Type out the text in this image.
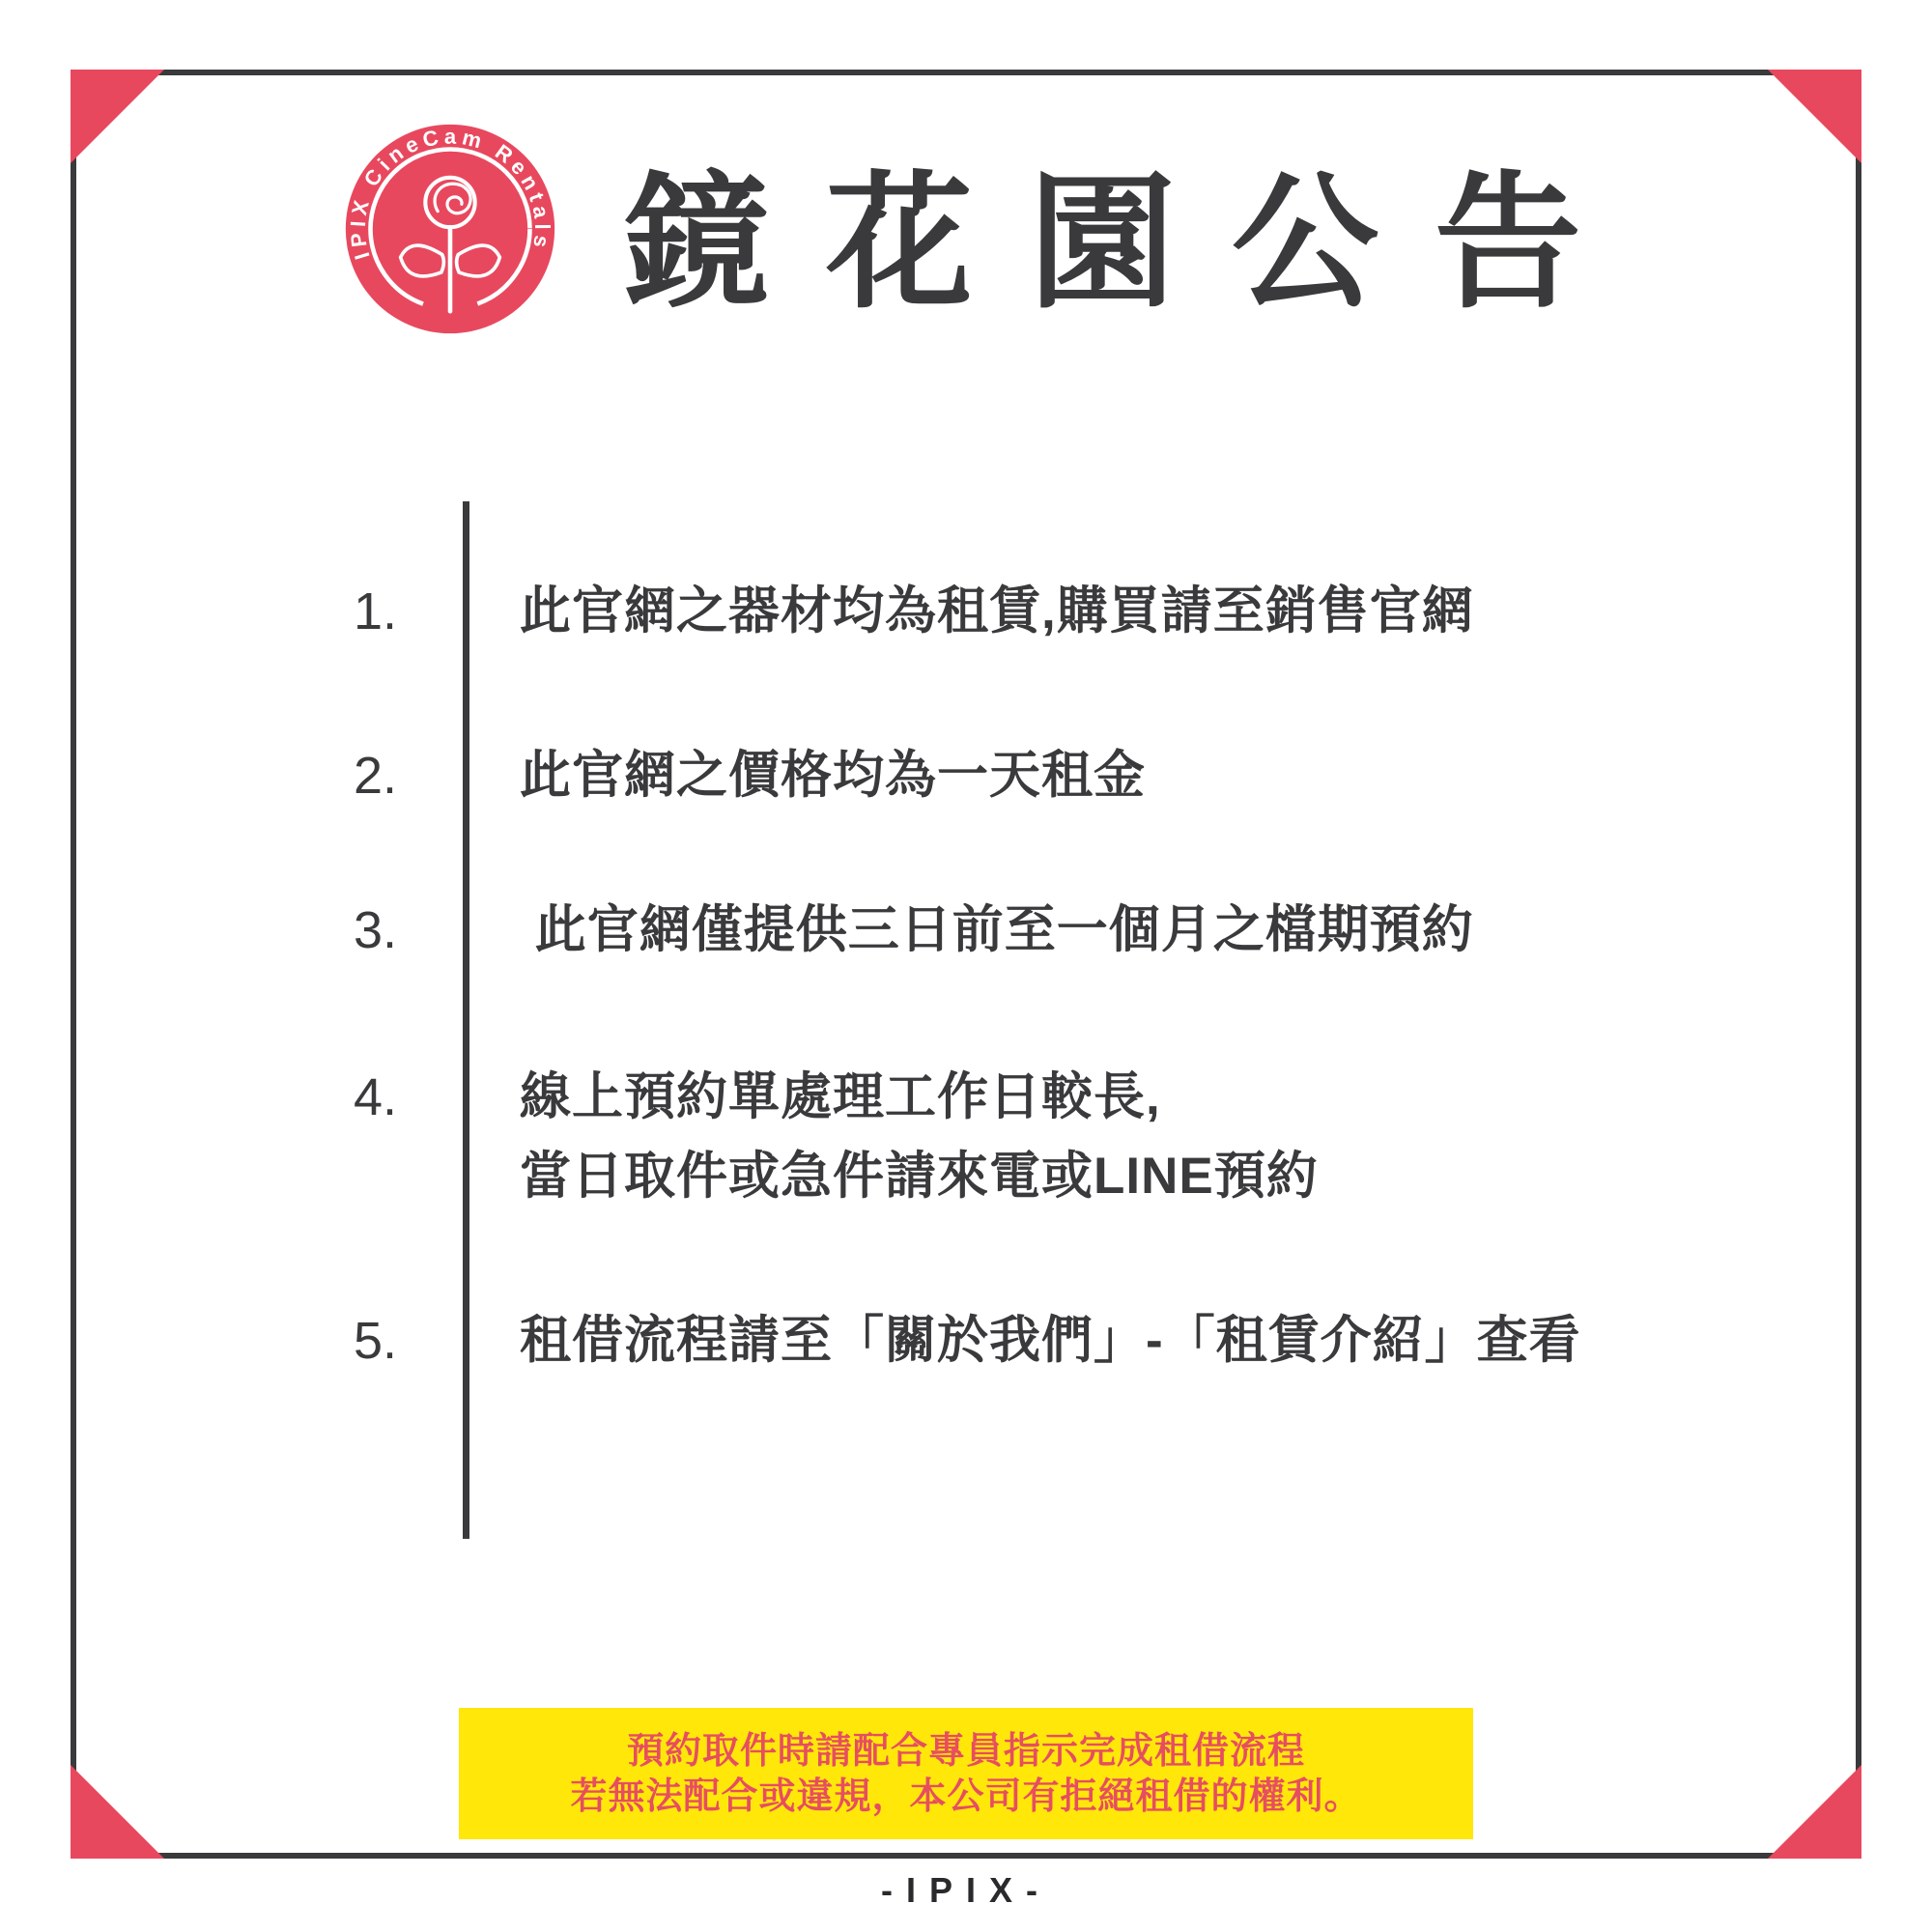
IPIX CineCam Rentals 鏡花園公告
1. 此官網之器材均為租賃,購買請至銷售官網
2. 此官網之價格均為一天租金
3. 此官網僅提供三日前至一個月之檔期預約
4. 線上預約單處理工作日較長,
當日取件或急件請來電或LINE預約
5. 租借流程請至「關於我們」-「租賃介紹」查看
預約取件時請配合專員指示完成租借流程
若無法配合或違規，本公司有拒絕租借的權利。
-IPIX-
